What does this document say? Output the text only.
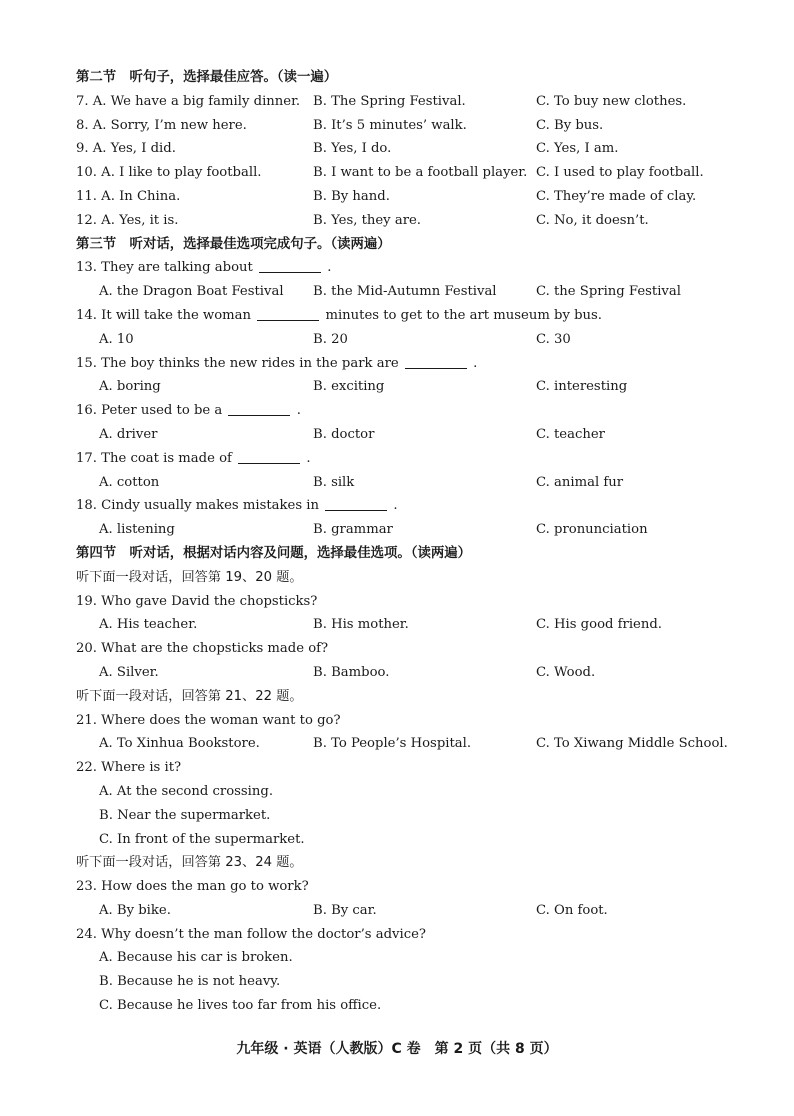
第二节　听句子，选择最佳应答。（读一遍）
7. A. We have a big family dinner. B. The Spring Festival.	C. To buy new clothes.
8. A. Sorry, I’m new here.	B. It’s 5 minutes’ walk.	C. By bus.
9. A. Yes, I did.	B. Yes, I do.	C. Yes, I am.
10. A. I like to play football.	B. I want to be a football player. C. I used to play football.
11. A. In China.	B. By hand.	C. They’re made of clay.
12. A. Yes, it is.	B. Yes, they are.	C. No, it doesn’t.
第三节　听对话，选择最佳选项完成句子。（读两遍）
13. They are talking about	.
A. the Dragon Boat Festival B. the Mid-Autumn Festival	C. the Spring Festival
14. It will take the woman	minutes to get to the art museum by bus.
A. 10	B. 20	C. 30
15. The boy thinks the new rides in the park are	.
A. boring	B. exciting	C. interesting
16. Peter used to be a	.
A. driver	B. doctor	C. teacher
17. The coat is made of	.
A. cotton	B. silk	C. animal fur
18. Cindy usually makes mistakes in	.
A. listening	B. grammar	C. pronunciation
第四节　听对话，根据对话内容及问题，选择最佳选项。（读两遍）
听下面一段对话，回答第 19、20 题。
19. Who gave David the chopsticks?
A. His teacher.	B. His mother.	C. His good friend.
20. What are the chopsticks made of?
A. Silver.	B. Bamboo.	C. Wood.
听下面一段对话，回答第 21、22 题。
21. Where does the woman want to go?
A. To Xinhua Bookstore.	B. To People’s Hospital.	C. To Xiwang Middle School.
22. Where is it?
A. At the second crossing.
B. Near the supermarket.
C. In front of the supermarket.
听下面一段对话，回答第 23、24 题。
23. How does the man go to work?
A. By bike.	B. By car.	C. On foot.
24. Why doesn’t the man follow the doctor’s advice?
A. Because his car is broken.
B. Because he is not heavy.
C. Because he lives too far from his office.
九年级 · 英语（人教版）C 卷　第 2 页（共 8 页）
